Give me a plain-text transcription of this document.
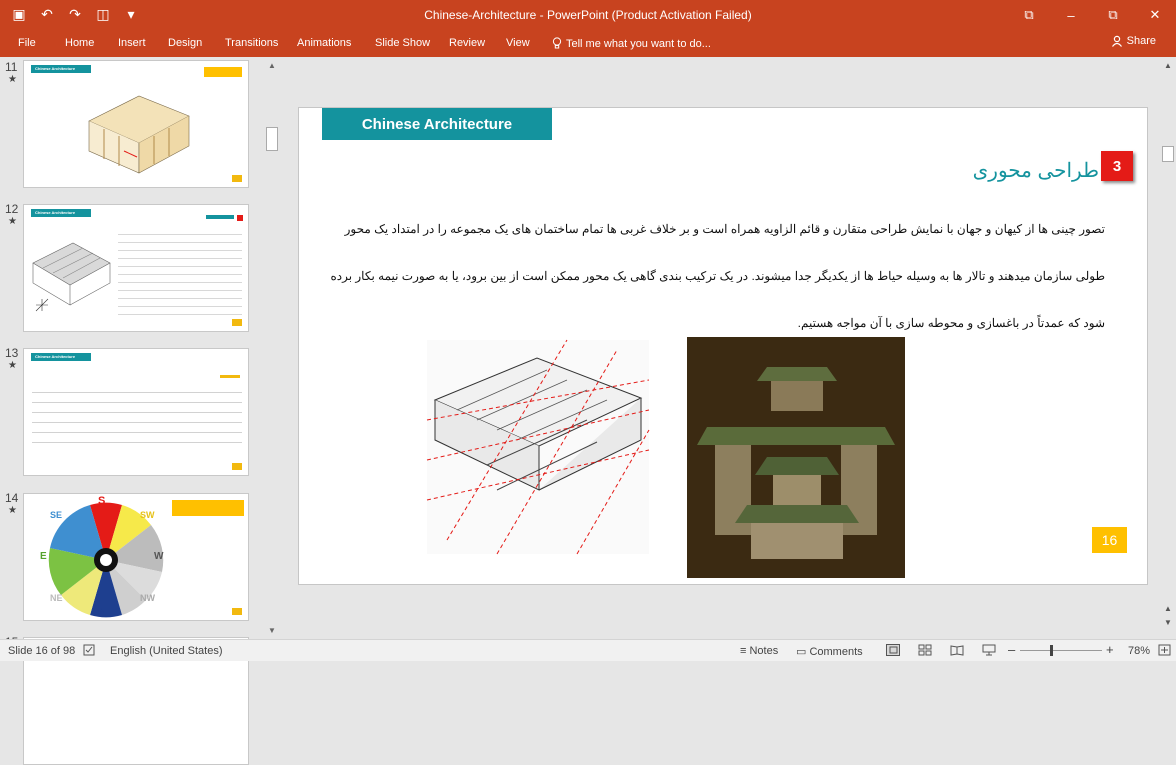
▣ ↶ ↷ ◫	▾	Chinese-Architecture - PowerPoint (Product Activation Failed)	⧉	–	⧉	✕
File	Home Insert Design Transitions Animations Slide Show Review View	Tell me what you want to do...	Share
11
★
Chinese Architecture
12
★
Chinese Architecture
13
★
Chinese Architecture
14
★
S
SE	SW
E	W
NE	NW
N
▲
▼
Chinese Architecture
طراحی محوری 3
تصور چینی ها از کیهان و جهان با نمایش طراحی متقارن و قائم الزاویه همراه است و بر خلاف غربی ها تمام ساختمان های یک مجموعه را در امتداد یک محور طولی سازمان میدهند و تالار ها به وسیله حیاط ها از یکدیگر جدا میشوند. در یک ترکیب بندی گاهی یک محور ممکن است از بین برود، یا به صورت نیمه بکار برده شود که عمدتاً در باغسازی و محوطه سازی با آن مواجه هستیم.
16
▲
▲
▼
Slide 16 of 98	English (United States)	≡ Notes ▭ Comments	–	+ 78%
